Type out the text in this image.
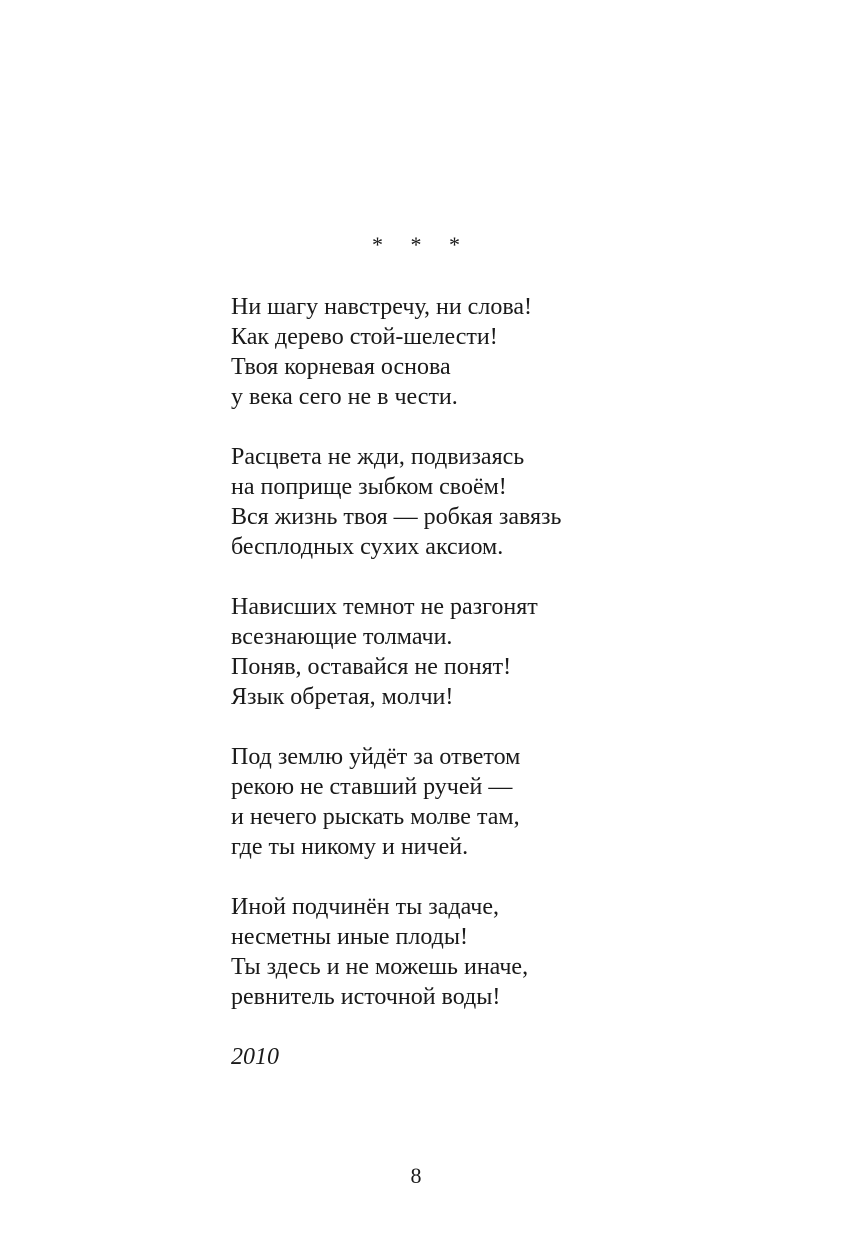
* * *
Ни шагу навстречу, ни слова!
Как дерево стой-шелести!
Твоя корневая основа
у века сего не в чести.
Расцвета не жди, подвизаясь
на поприще зыбком своём!
Вся жизнь твоя — робкая завязь
бесплодных сухих аксиом.
Нависших темнот не разгонят
всезнающие толмачи.
Поняв, оставайся не понят!
Язык обретая, молчи!
Под землю уйдёт за ответом
рекою не ставший ручей —
и нечего рыскать молве там,
где ты никому и ничей.
Иной подчинён ты задаче,
несметны иные плоды!
Ты здесь и не можешь иначе,
ревнитель источной воды!
2010
8
